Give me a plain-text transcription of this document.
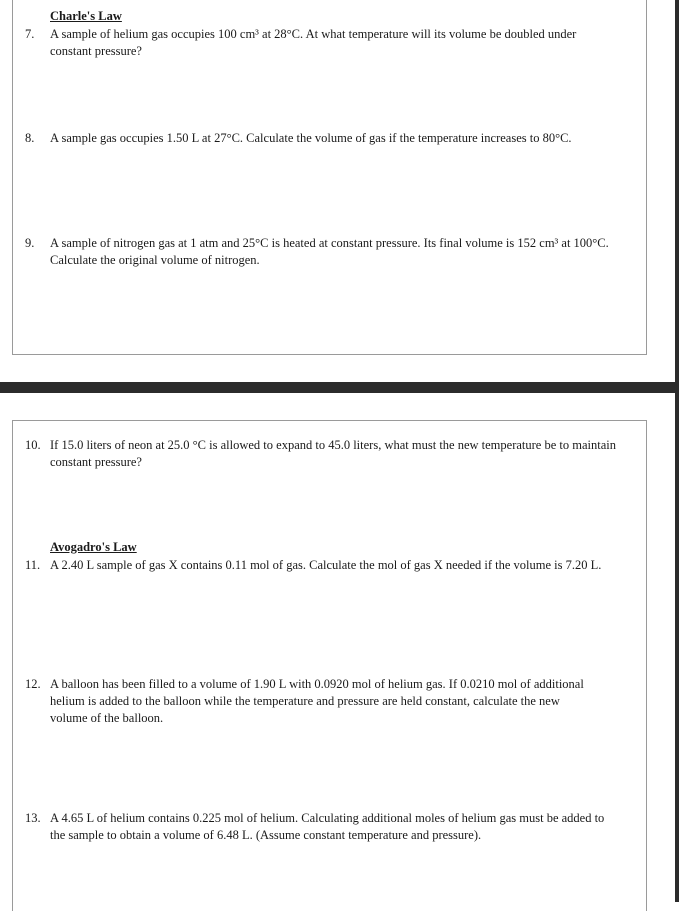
Charle's Law
7. A sample of helium gas occupies 100 cm³ at 28°C. At what temperature will its volume be doubled under constant pressure?
8. A sample gas occupies 1.50 L at 27°C. Calculate the volume of gas if the temperature increases to 80°C.
9. A sample of nitrogen gas at 1 atm and 25°C is heated at constant pressure. Its final volume is 152 cm³ at 100°C. Calculate the original volume of nitrogen.
10. If 15.0 liters of neon at 25.0 °C is allowed to expand to 45.0 liters, what must the new temperature be to maintain constant pressure?
Avogadro's Law
11. A 2.40 L sample of gas X contains 0.11 mol of gas. Calculate the mol of gas X needed if the volume is 7.20 L.
12. A balloon has been filled to a volume of 1.90 L with 0.0920 mol of helium gas. If 0.0210 mol of additional helium is added to the balloon while the temperature and pressure are held constant, calculate the new volume of the balloon.
13. A 4.65 L of helium contains 0.225 mol of helium. Calculating additional moles of helium gas must be added to the sample to obtain a volume of 6.48 L. (Assume constant temperature and pressure).
